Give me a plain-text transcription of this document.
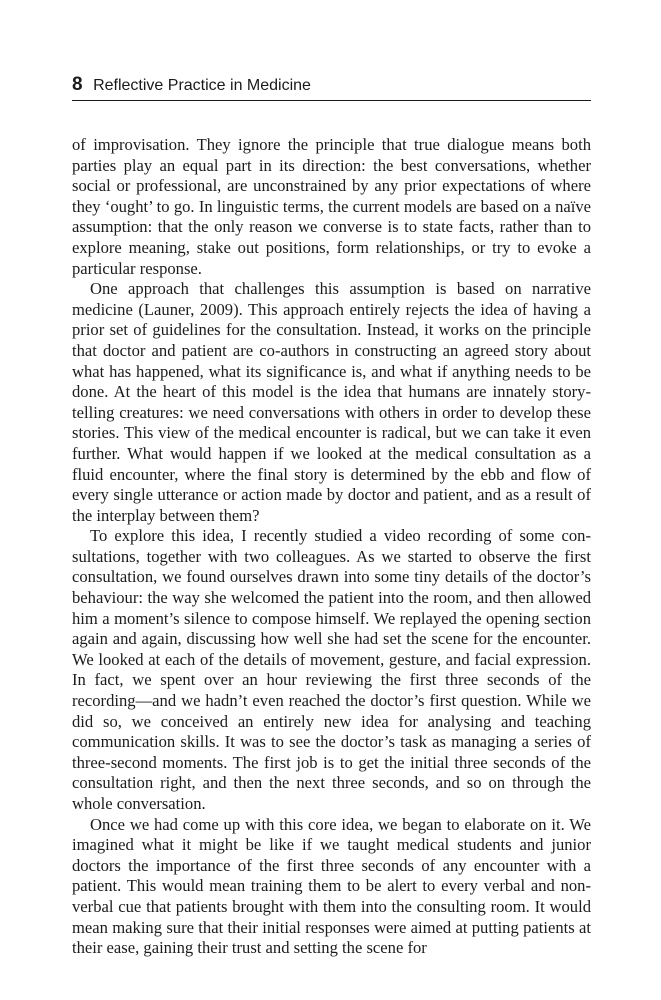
8 Reflective Practice in Medicine

of improvisation. They ignore the principle that true dialogue means both parties play an equal part in its direction: the best conversations, whether social or professional, are unconstrained by any prior expectations of where they ‘ought’ to go. In linguistic terms, the current models are based on a naïve assumption: that the only reason we converse is to state facts, rather than to explore meaning, stake out positions, form relationships, or try to evoke a particular response.

One approach that challenges this assumption is based on narrative medicine (Launer, 2009). This approach entirely rejects the idea of having a prior set of guidelines for the consultation. Instead, it works on the principle that doctor and patient are co-authors in constructing an agreed story about what has happened, what its significance is, and what if anything needs to be done. At the heart of this model is the idea that humans are innately story-telling creatures: we need conversations with others in order to develop these stories. This view of the medical encounter is radical, but we can take it even further. What would happen if we looked at the medical consultation as a fluid encounter, where the final story is determined by the ebb and flow of every single utterance or action made by doctor and patient, and as a result of the interplay between them?

To explore this idea, I recently studied a video recording of some consultations, together with two colleagues. As we started to observe the first consultation, we found ourselves drawn into some tiny details of the doctor’s behaviour: the way she welcomed the patient into the room, and then allowed him a moment’s silence to compose himself. We replayed the opening section again and again, discussing how well she had set the scene for the encounter. We looked at each of the details of movement, gesture, and facial expression. In fact, we spent over an hour reviewing the first three seconds of the recording—and we hadn’t even reached the doctor’s first question. While we did so, we conceived an entirely new idea for analysing and teaching communication skills. It was to see the doctor’s task as managing a series of three-second moments. The first job is to get the initial three seconds of the consultation right, and then the next three seconds, and so on through the whole conversation.

Once we had come up with this core idea, we began to elaborate on it. We imagined what it might be like if we taught medical students and junior doctors the importance of the first three seconds of any encounter with a patient. This would mean training them to be alert to every verbal and non-verbal cue that patients brought with them into the consulting room. It would mean making sure that their initial responses were aimed at putting patients at their ease, gaining their trust and setting the scene for
